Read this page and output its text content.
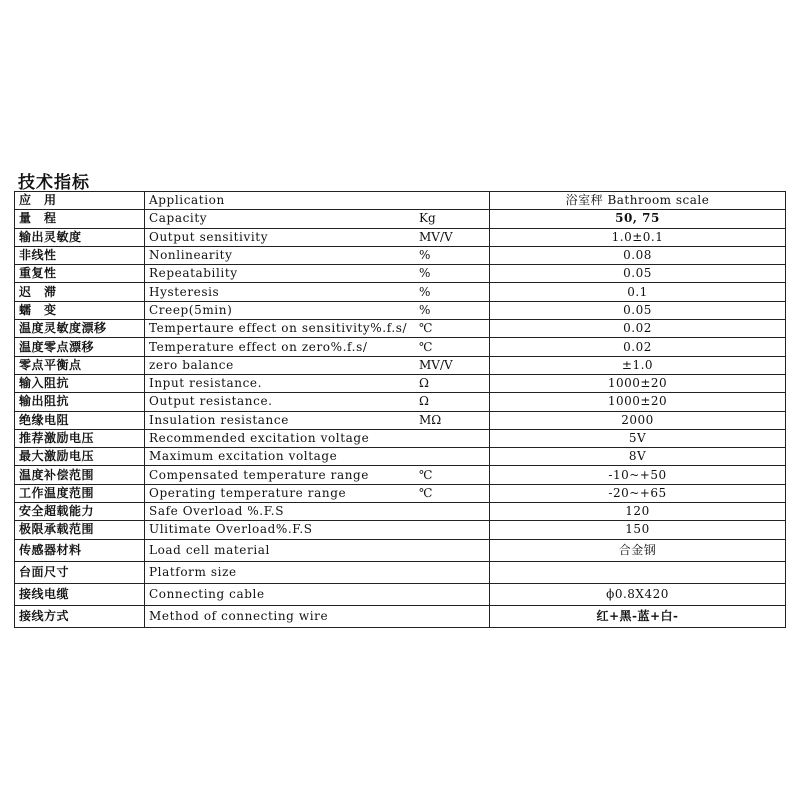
技术指标
应　用	Application		浴室秤 Bathroom scale
量　程	Capacity	Kg	50, 75
输出灵敏度	Output sensitivity	MV/V	1.0±0.1
非线性	Nonlinearity	%	0.08
重复性	Repeatability	%	0.05
迟　滞	Hysteresis	%	0.1
蠕　变	Creep(5min)	%	0.05
温度灵敏度漂移	Tempertaure effect on sensitivity%.f.s/	℃	0.02
温度零点漂移	Temperature effect on zero%.f.s/	℃	0.02
零点平衡点	zero balance	MV/V	±1.0
输入阻抗	Input resistance.	Ω	1000±20
输出阻抗	Output resistance.	Ω	1000±20
绝缘电阻	Insulation resistance	MΩ	2000
推荐激励电压	Recommended excitation voltage		5V
最大激励电压	Maximum excitation voltage		8V
温度补偿范围	Compensated temperature range	℃	-10~+50
工作温度范围	Operating temperature range	℃	-20~+65
安全超载能力	Safe Overload %.F.S		120
极限承载范围	Ulitimate Overload%.F.S		150
传感器材料	Load cell material		合金钢
台面尺寸	Platform size		
接线电缆	Connecting cable		ϕ0.8X420
接线方式	Method of connecting wire		红+黑-蓝+白-
